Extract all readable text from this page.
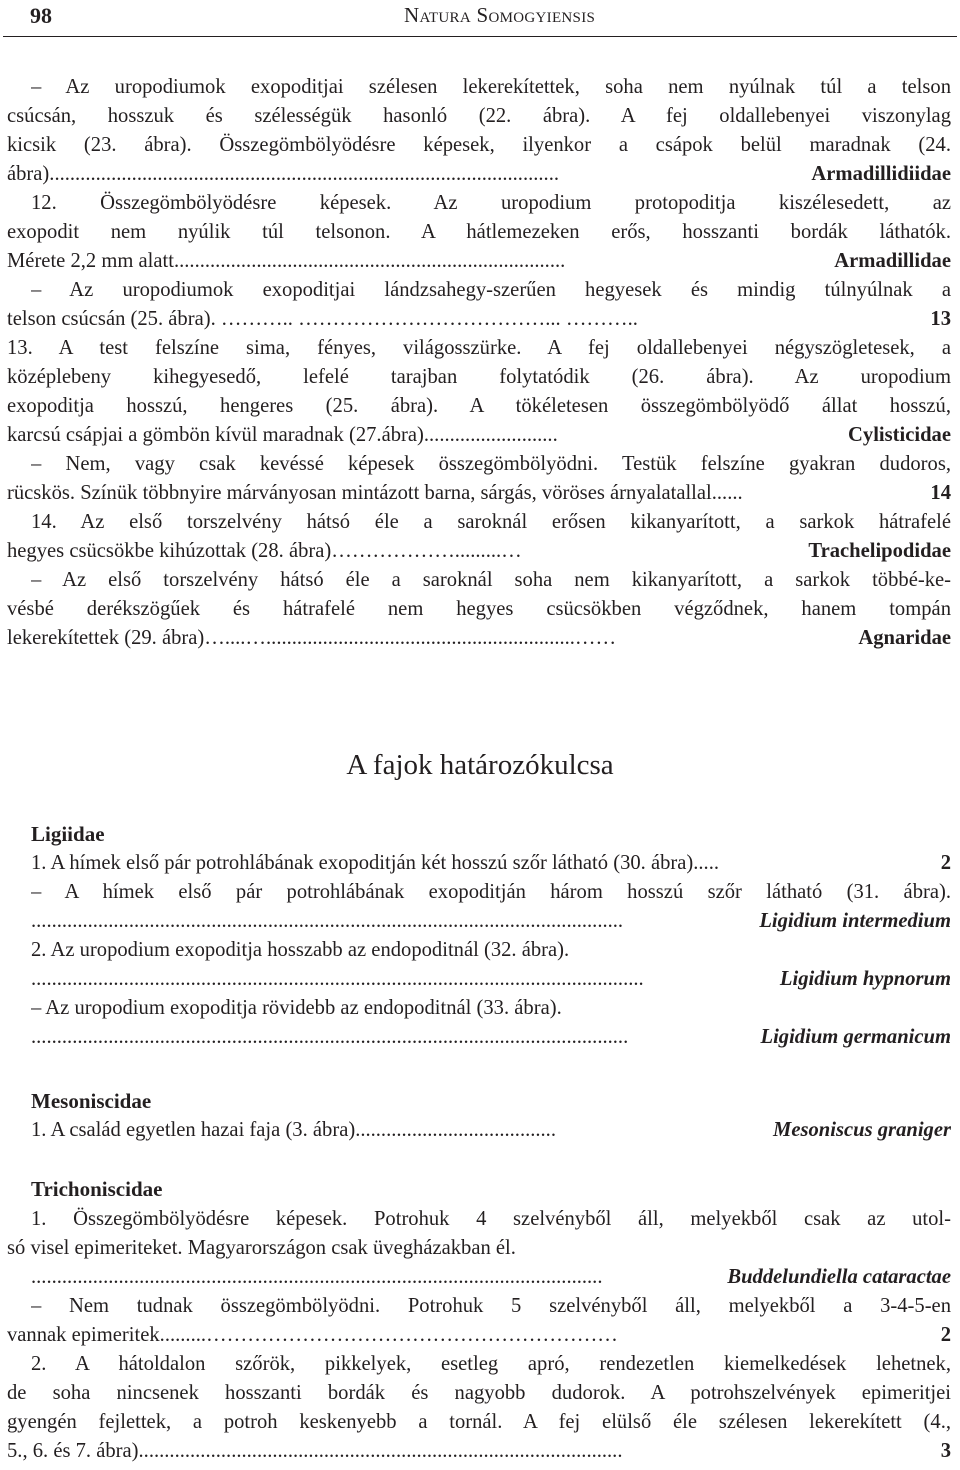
98	Natura Somogyiensis
– Az uropodiumok exopoditjai szélesen lekerekítettek, soha nem nyúlnak túl a telson
csúcsán, hosszuk és szélességük hasonló (22. ábra). A fej oldallebenyei viszonylag
kicsik (23. ábra). Összegömbölyödésre képesek, ilyenkor a csápok belül maradnak (24.
ábra)...................................................................................................	Armadillidiidae
12. Összegömbölyödésre képesek. Az uropodium protopoditja kiszélesedett, az
exopodit nem nyúlik túl telsonon. A hátlemezeken erős, hosszanti bordák láthatók.
Mérete 2,2 mm alatt............................................................................	Armadillidae
– Az uropodiumok exopoditjai lándzsahegy-szerűen hegyesek és mindig túlnyúlnak a
telson csúcsán (25. ábra). ……….. ………………………………... ………..	13
13. A test felszíne sima, fényes, világosszürke. A fej oldallebenyei négyszögletesek, a
középlebeny kihegyesedő, lefelé tarajban folytatódik (26. ábra). Az uropodium
exopoditja hosszú, hengeres (25. ábra). A tökéletesen összegömbölyödő állat hosszú,
karcsú csápjai a gömbön kívül maradnak (27.ábra)..........................	Cylisticidae
– Nem, vagy csak kevéssé képesek összegömbölyödni. Testük felszíne gyakran dudoros,
rücskös. Színük többnyire márványosan mintázott barna, sárgás, vöröses árnyalatallal......	14
14. Az első torszelvény hátsó éle a saroknál erősen kikanyarított, a sarkok hátrafelé
hegyes csücsökbe kihúzottak (28. ábra)……………….........…	Trachelipodidae
– Az első torszelvény hátsó éle a saroknál soha nem kikanyarított, a sarkok többé-ke-
vésbé derékszögűek és hátrafelé nem hegyes csücsökben végződnek, hanem tompán
lekerekítettek (29. ábra)…....…............................................................……	Agnaridae
A fajok határozókulcsa
Ligiidae
1. A hímek első pár potrohlábának exopoditján két hosszú szőr látható (30. ábra).....	2
– A hímek első pár potrohlábának exopoditján három hosszú szőr látható (31. ábra).
...................................................................................................................	Ligidium intermedium
2. Az uropodium exopoditja hosszabb az endopoditnál (32. ábra).
.......................................................................................................................	Ligidium hypnorum
– Az uropodium exopoditja rövidebb az endopoditnál (33. ábra).
....................................................................................................................	Ligidium germanicum
Mesoniscidae
1. A család egyetlen hazai faja (3. ábra).......................................	Mesoniscus graniger
Trichoniscidae
1. Összegömbölyödésre képesek. Potrohuk 4 szelvényből áll, melyekből csak az utol-
só visel epimeriteket. Magyarországon csak üvegházakban él.
...............................................................................................................	Buddelundiella cataractae
– Nem tudnak összegömbölyödni. Potrohuk 5 szelvényből áll, melyekből a 3-4-5-en
vannak epimeritek.........……………………………………………………	2
2. A hátoldalon szőrök, pikkelyek, esetleg apró, rendezetlen kiemelkedések lehetnek,
de soha nincsenek hosszanti bordák és nagyobb dudorok. A potrohszelvények epimeritjei
gyengén fejlettek, a potroh keskenyebb a tornál. A fej elülső éle szélesen lekerekített (4.,
5., 6. és 7. ábra)..............................................................................................	3
